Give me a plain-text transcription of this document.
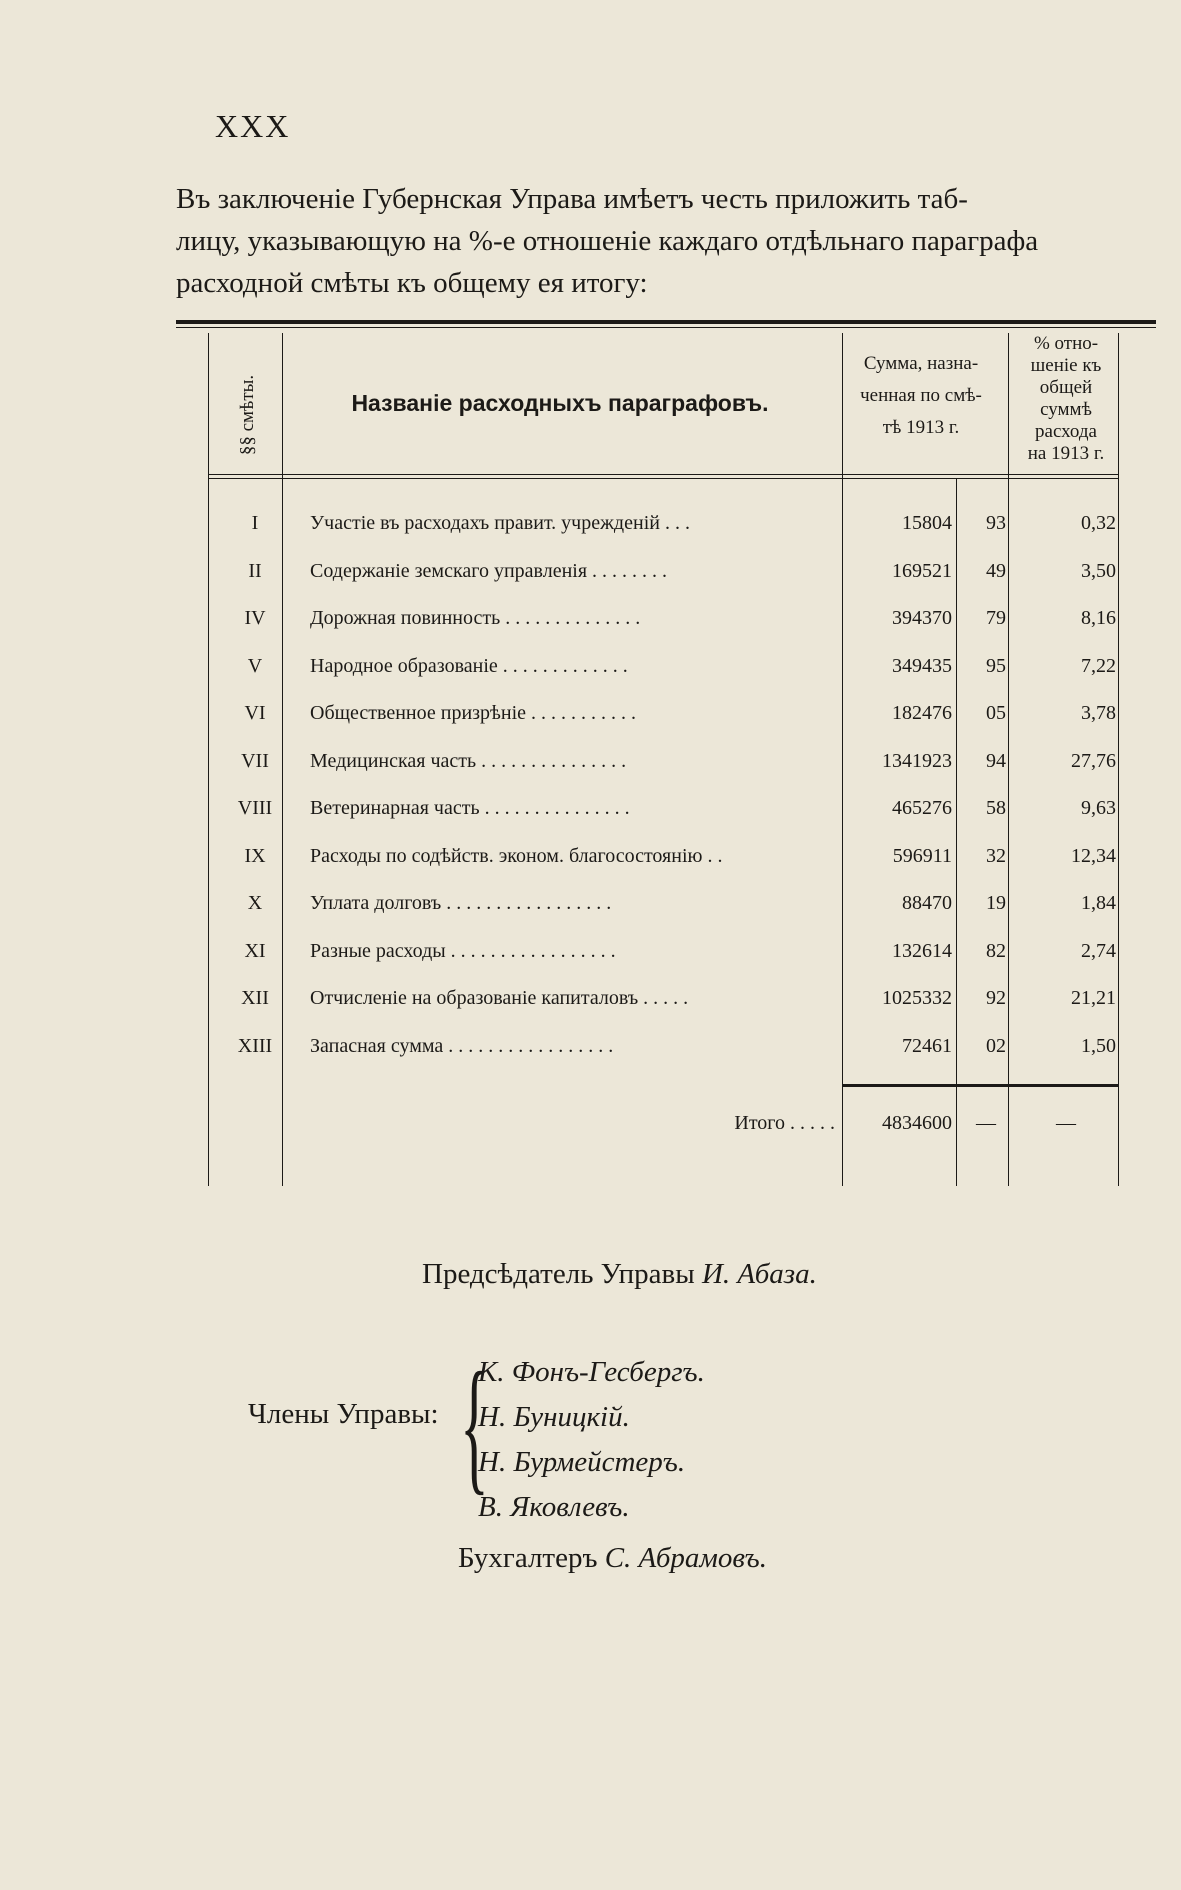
XXX

Въ заключеніе Губернская Управа имѣетъ честь приложить таб-

лицу, указывающую на %-е отношеніе каждаго отдѣльнаго параграфа

расходной смѣты къ общему ея итогу:

§§ смѣты.	Названіе расходныхъ параграфовъ.
Сумма, назна-
ченная по смѣ-
тѣ 1913 г.
% отно-
шеніе къ
общей
суммѣ
расхода
на 1913 г.
I	Участіе въ расходахъ правит. учрежденій . . .	15804	93	0,32
II	Содержаніе земскаго управленія . . . . . . . .	169521	49	3,50
IV	Дорожная повинность . . . . . . . . . . . . . .	394370	79	8,16
V	Народное образованіе . . . . . . . . . . . . .	349435	95	7,22
VI	Общественное призрѣніе . . . . . . . . . . .	182476	05	3,78
VII	Медицинская часть . . . . . . . . . . . . . . .	1341923	94	27,76
VIII	Ветеринарная часть . . . . . . . . . . . . . . .	465276	58	9,63
IX	Расходы по содѣйств. эконом. благосостоянію . .	596911	32	12,34
X	Уплата долговъ . . . . . . . . . . . . . . . . .	88470	19	1,84
XI	Разные расходы . . . . . . . . . . . . . . . . .	132614	82	2,74
XII	Отчисленіе на образованіе капиталовъ . . . . .	1025332	92	21,21
XIII	Запасная сумма . . . . . . . . . . . . . . . . .	72461	02	1,50
Итого . . . . .	4834600	—	—
Предсѣдатель Управы И. Абаза.
Члены Управы: {
К. Фонъ-Гесбергъ.
Н. Буницкій.
Н. Бурмейстеръ.
В. Яковлевъ.
Бухгалтеръ С. Абрамовъ.
